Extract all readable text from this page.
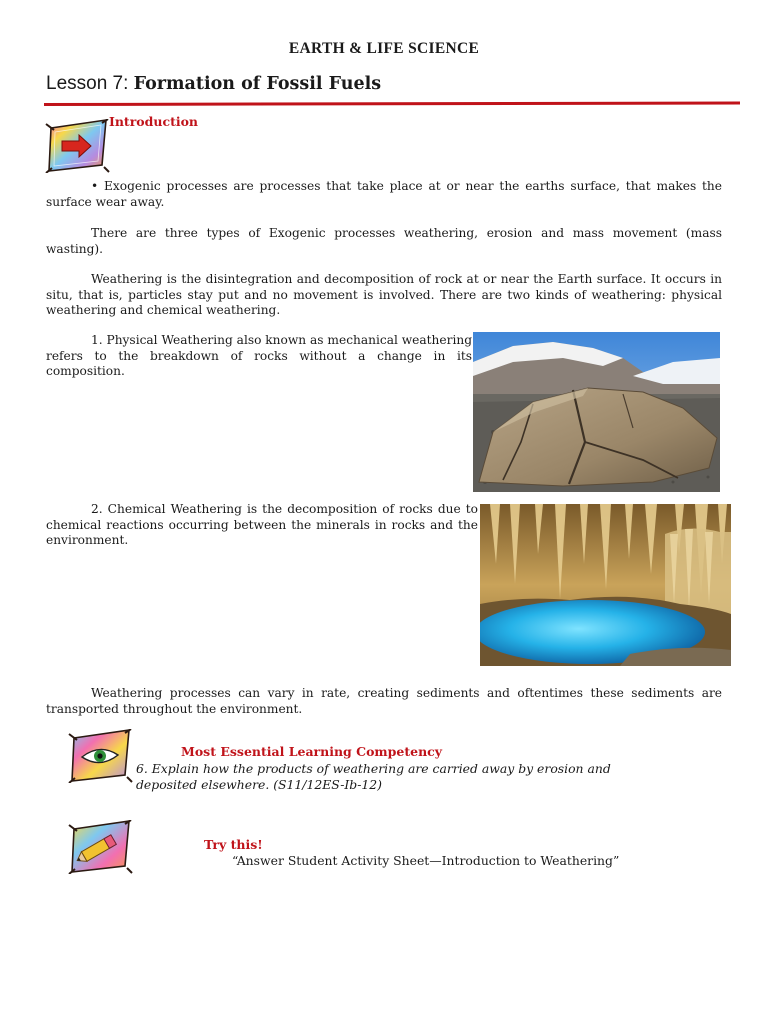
EARTH & LIFE SCIENCE
Lesson 7: Formation of Fossil Fuels
Introduction

• Exogenic processes are processes that take place at or near the earths surface, that makes the surface wear away.

There are three types of Exogenic processes weathering, erosion and mass movement (mass wasting).

Weathering is the disintegration and decomposition of rock at or near the Earth surface. It occurs in situ, that is, particles stay put and no movement is involved. There are two kinds of weathering: physical weathering and chemical weathering.

1. Physical Weathering also known as mechanical weathering refers to the breakdown of rocks without a change in its composition.

2. Chemical Weathering is the decomposition of rocks due to chemical reactions occurring between the minerals in rocks and the environment.

Weathering processes can vary in rate, creating sediments and oftentimes these sediments are transported throughout the environment.

Most Essential Learning Competency
6. Explain how the products of weathering are carried away by erosion and deposited elsewhere. (S11/12ES-Ib-12)
Try this!
“Answer Student Activity Sheet—Introduction to Weathering”
